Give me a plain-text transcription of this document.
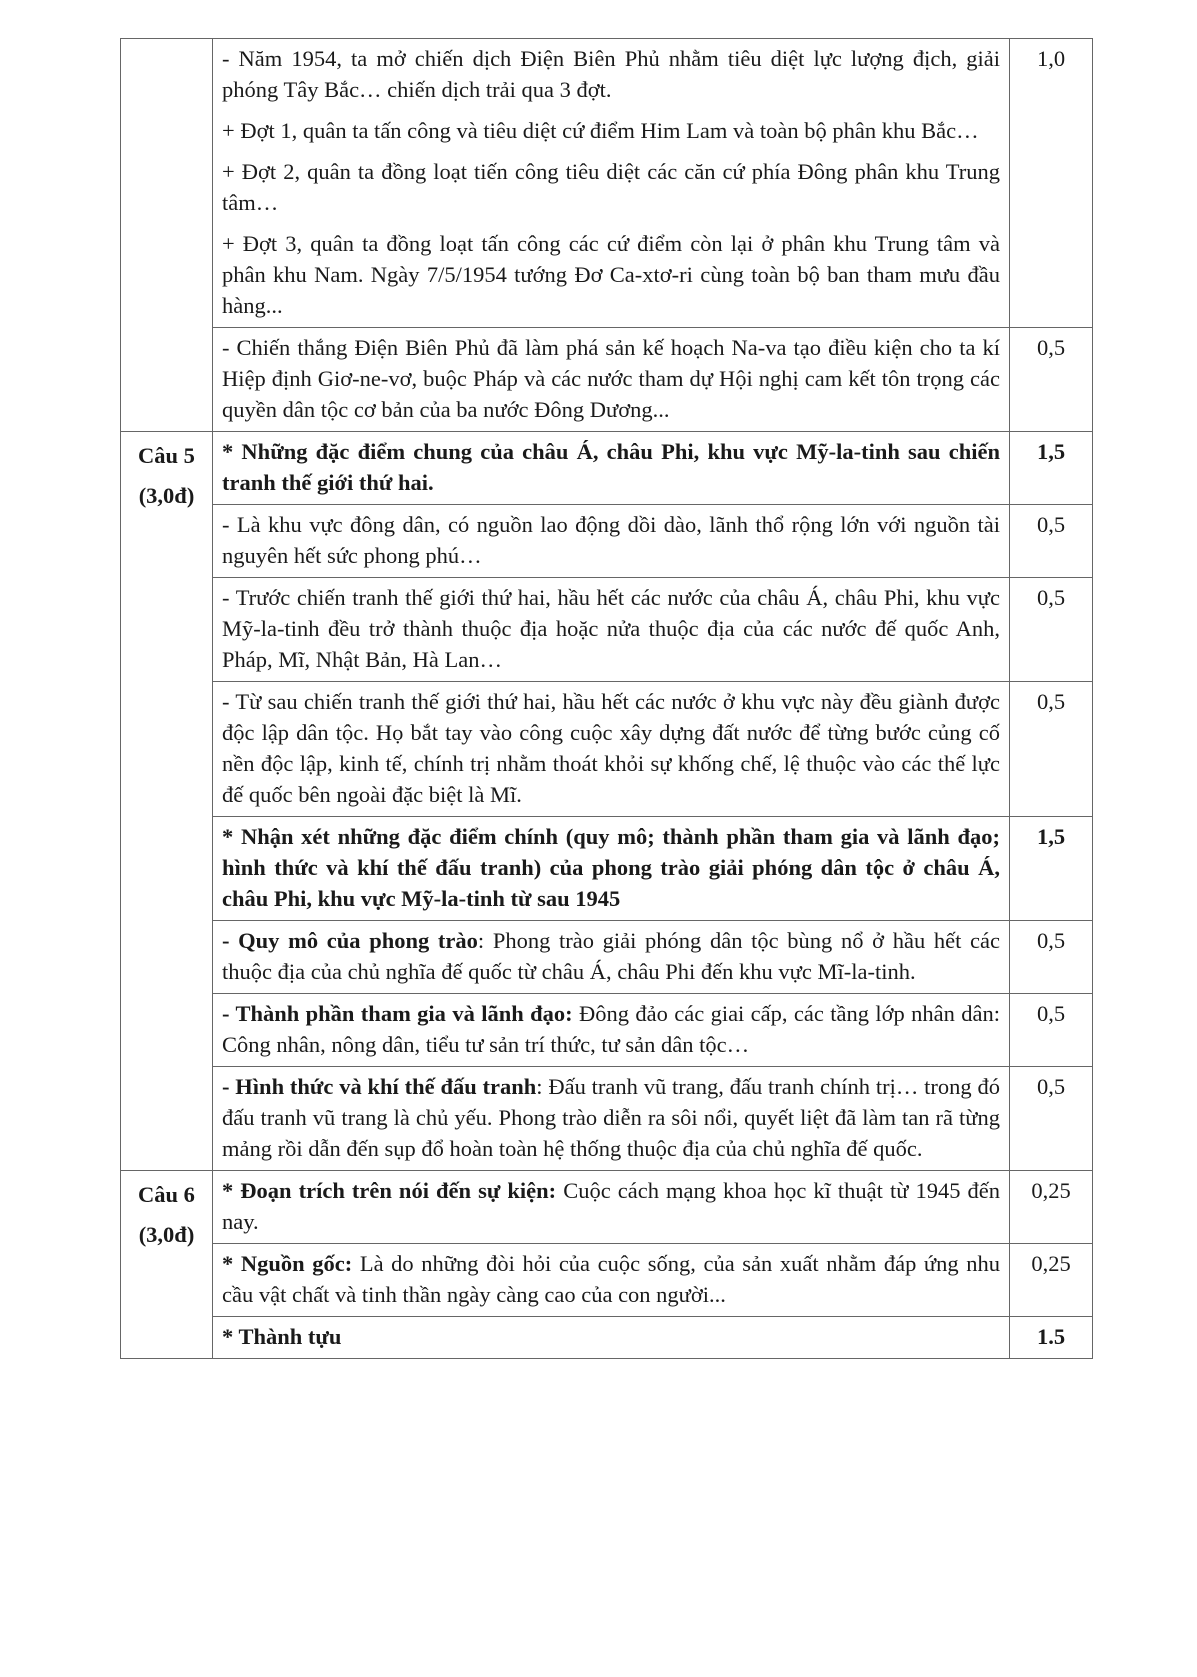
	- Năm 1954, ta mở chiến dịch Điện Biên Phủ nhằm tiêu diệt lực lượng địch, giải phóng Tây Bắc… chiến dịch trải qua 3 đợt.

+ Đợt 1, quân ta tấn công và tiêu diệt cứ điểm Him Lam và toàn bộ phân khu Bắc…

+ Đợt 2, quân ta đồng loạt tiến công tiêu diệt các căn cứ phía Đông phân khu Trung tâm…

+ Đợt 3, quân ta đồng loạt tấn công các cứ điểm còn lại ở phân khu Trung tâm và phân khu Nam. Ngày 7/5/1954 tướng Đơ Ca-xtơ-ri cùng toàn bộ ban tham mưu đầu hàng...	1,0
	- Chiến thắng Điện Biên Phủ đã làm phá sản kế hoạch Na-va tạo điều kiện cho ta kí Hiệp định Giơ-ne-vơ, buộc Pháp và các nước tham dự Hội nghị cam kết tôn trọng các quyền dân tộc cơ bản của ba nước Đông Dương...	0,5

Câu 5
(3,0đ)	* Những đặc điểm chung của châu Á, châu Phi, khu vực Mỹ-la-tinh sau chiến tranh thế giới thứ hai.	1,5
	- Là khu vực đông dân, có nguồn lao động dồi dào, lãnh thổ rộng lớn với nguồn tài nguyên hết sức phong phú…	0,5
	- Trước chiến tranh thế giới thứ hai, hầu hết các nước của châu Á, châu Phi, khu vực Mỹ-la-tinh đều trở thành thuộc địa hoặc nửa thuộc địa của các nước đế quốc Anh, Pháp, Mĩ, Nhật Bản, Hà Lan…	0,5
	- Từ sau chiến tranh thế giới thứ hai, hầu hết các nước ở khu vực này đều giành được độc lập dân tộc. Họ bắt tay vào công cuộc xây dựng đất nước để từng bước củng cố nền độc lập, kinh tế, chính trị nhằm thoát khỏi sự khống chế, lệ thuộc vào các thế lực đế quốc bên ngoài đặc biệt là Mĩ.	0,5
	* Nhận xét những đặc điểm chính (quy mô; thành phần tham gia và lãnh đạo; hình thức và khí thế đấu tranh) của phong trào giải phóng dân tộc ở châu Á, châu Phi, khu vực Mỹ-la-tinh từ sau 1945	1,5
	- Quy mô của phong trào: Phong trào giải phóng dân tộc bùng nổ ở hầu hết các thuộc địa của chủ nghĩa đế quốc từ châu Á, châu Phi đến khu vực Mĩ-la-tinh.	0,5
	- Thành phần tham gia và lãnh đạo: Đông đảo các giai cấp, các tầng lớp nhân dân: Công nhân, nông dân, tiểu tư sản trí thức, tư sản dân tộc…	0,5
	- Hình thức và khí thế đấu tranh: Đấu tranh vũ trang, đấu tranh chính trị… trong đó đấu tranh vũ trang là chủ yếu. Phong trào diễn ra sôi nổi, quyết liệt đã làm tan rã từng mảng rồi dẫn đến sụp đổ hoàn toàn hệ thống thuộc địa của chủ nghĩa đế quốc.	0,5

Câu 6
(3,0đ)	* Đoạn trích trên nói đến sự kiện: Cuộc cách mạng khoa học kĩ thuật từ 1945 đến nay.	0,25
	* Nguồn gốc: Là do những đòi hỏi của cuộc sống, của sản xuất nhằm đáp ứng nhu cầu vật chất và tinh thần ngày càng cao của con người...	0,25
	* Thành tựu	1.5
